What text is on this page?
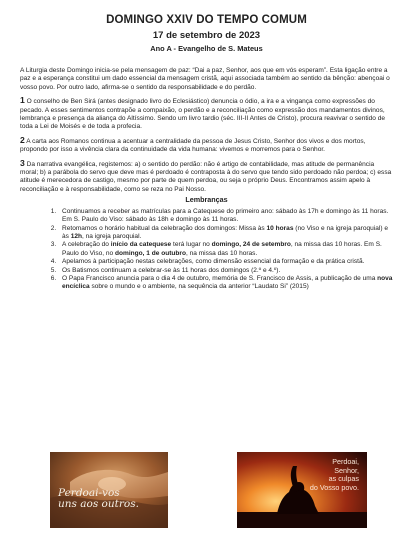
DOMINGO XXIV DO TEMPO COMUM
17 de setembro de 2023
Ano A - Evangelho de S. Mateus

A Liturgia deste Domingo inicia-se pela mensagem de paz: “Dai a paz, Senhor, aos que em vós esperam”. Esta ligação entre a paz e a esperança constitui um dado essencial da mensagem cristã, aqui associada também ao sentido da bênção: abençoai o vosso povo. Por outro lado, afirma-se o sentido da responsabilidade e do perdão.

1 O conselho de Ben Sirá (antes designado livro do Eclesiástico) denuncia o ódio, a ira e a vingança como expressões do pecado. A esses sentimentos contrapõe a compaixão, o perdão e a reconciliação como expressão dos mandamentos divinos, lembrança e presença da aliança do Altíssimo. Sendo um livro tardio (séc. III-II Antes de Cristo), procura reavivar o sentido de toda a Lei de Moisés e de toda a profecia.

2 A carta aos Romanos continua a acentuar a centralidade da pessoa de Jesus Cristo, Senhor dos vivos e dos mortos, propondo por isso a vivência clara da continuidade da vida humana: vivemos e morremos para o Senhor.

3 Da narrativa evangélica, registemos: a) o sentido do perdão: não é artigo de contabilidade, mas atitude de permanência moral; b) a parábola do servo que deve mas é perdoado é contraposta à do servo que tendo sido perdoado não perdoa; c) essa atitude é merecedora de castigo, mesmo por parte de quem perdoa, ou seja o próprio Deus. Encontramos assim apelo à reconciliação e à responsabilidade, como se reza no Pai Nosso.

Lembranças
1. Continuamos a receber as matrículas para a Catequese do primeiro ano: sábado às 17h e domingo às 11 horas. Em S. Paulo do Viso: sábado às 18h e domingo às 11 horas.
2. Retomamos o horário habitual da celebração dos domingos: Missa às 10 horas (no Viso e na igreja paroquial) e às 12h, na igreja paroquial.
3. A celebração do início da catequese terá lugar no domingo, 24 de setembro, na missa das 10 horas. Em S. Paulo do Viso, no domingo, 1 de outubro, na missa das 10 horas.
4. Apelamos à participação nestas celebrações, como dimensão essencial da formação e da prática cristã.
5. Os Batismos continuam a celebrar-se às 11 horas dos domingos (2.º e 4.º).
6. O Papa Francisco anuncia para o dia 4 de outubro, memória de S. Francisco de Assis, a publicação de uma nova encíclica sobre o mundo e o ambiente, na sequência da anterior “Laudato Si” (2015)
Perdoai-vos
uns aos outros.
Perdoai,
Senhor,
as culpas
do Vosso povo.
